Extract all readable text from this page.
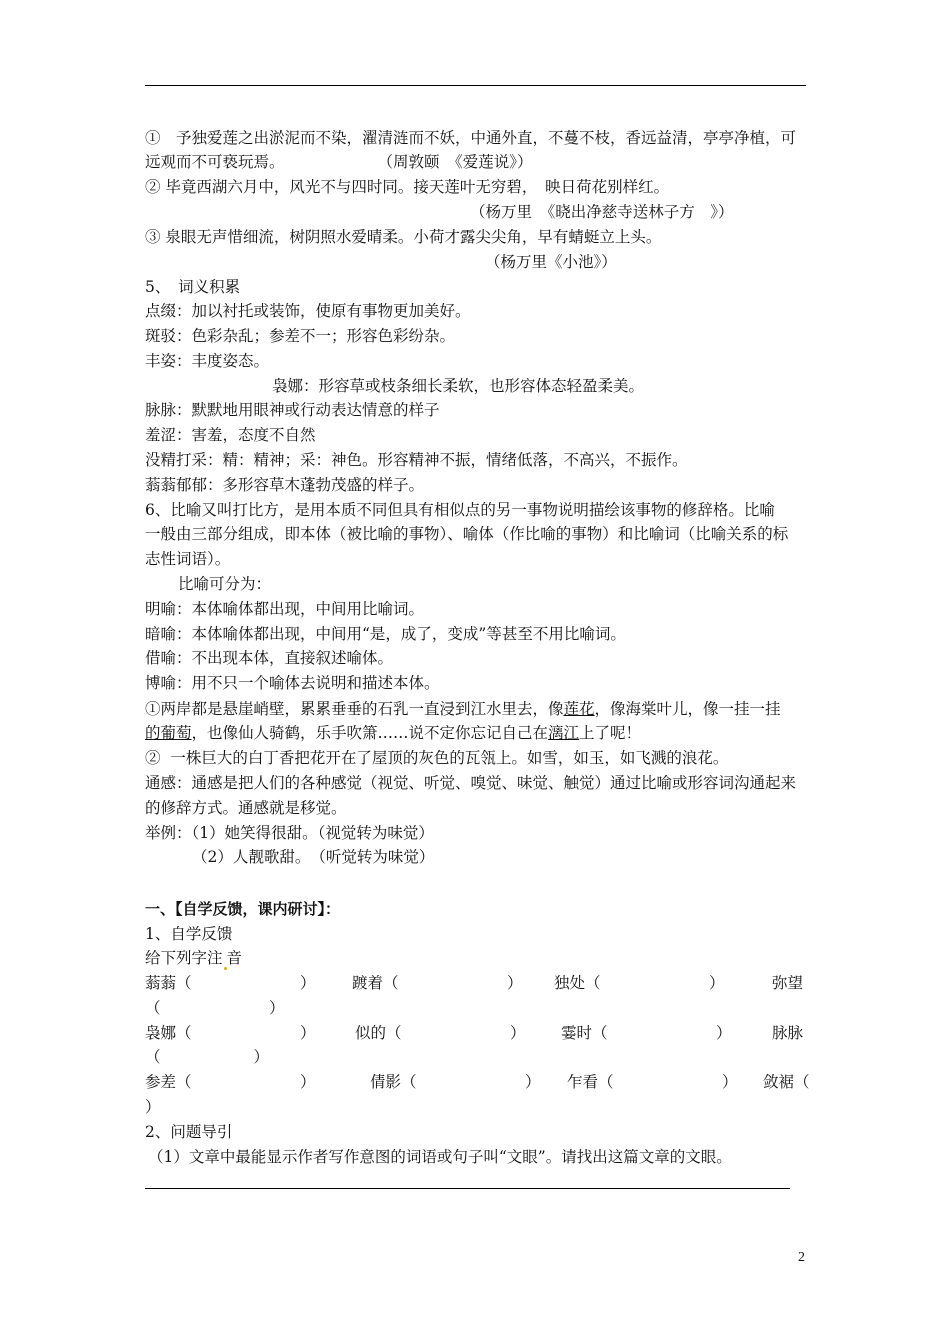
①　予独爱莲之出淤泥而不染，濯清涟而不妖，中通外直，不蔓不枝，香远益清，亭亭净植，可
远观而不可亵玩焉。　　　　　　　（周敦颐　《爱莲说》）
② 毕竟西湖六月中，风光不与四时同。接天莲叶无穷碧，　映日荷花别样红。
（杨万里　《晓出净慈寺送林子方　》）
③ 泉眼无声惜细流，树阴照水爱晴柔。小荷才露尖尖角，早有蜻蜓立上头。
（杨万里《小池》）
5、　词义积累
点缀：加以衬托或装饰，使原有事物更加美好。
斑驳：色彩杂乱；参差不一；形容色彩纷杂。
丰姿：丰度姿态。
袅娜：形容草或枝条细长柔软，也形容体态轻盈柔美。
脉脉：默默地用眼神或行动表达情意的样子
羞涩：害羞，态度不自然
没精打采：精：精神；采：神色。形容精神不振，情绪低落，不高兴，不振作。
蓊蓊郁郁：多形容草木蓬勃茂盛的样子。
6、比喻又叫打比方，是用本质不同但具有相似点的另一事物说明描绘该事物的修辞格。比喻
一般由三部分组成，即本体（被比喻的事物）、喻体（作比喻的事物）和比喻词（比喻关系的标
志性词语）。
比喻可分为：
明喻：本体喻体都出现，中间用比喻词。
暗喻：本体喻体都出现，中间用“是，成了，变成”等甚至不用比喻词。
借喻：不出现本体，直接叙述喻体。
博喻：用不只一个喻体去说明和描述本体。
①两岸都是悬崖峭壁，累累垂垂的石乳一直浸到江水里去，像莲花，像海棠叶儿，像一挂一挂
的葡萄，也像仙人骑鹤，乐手吹箫……说不定你忘记自己在漓江上了呢！
②  一株巨大的白丁香把花开在了屋顶的灰色的瓦瓴上。如雪，如玉，如飞溅的浪花。
通感：通感是把人们的各种感觉（视觉、听觉、嗅觉、味觉、触觉）通过比喻或形容词沟通起来
的修辞方式。通感就是移觉。
举例：（1）她笑得很甜。（视觉转为味觉）
（2）人靓歌甜。　（听觉转为味觉）
一、【自学反馈，课内研讨】：
1、自学反馈
给下列字注 音
蓊蓊（　　　　　　　） 踱着（　　　　　　　） 独处（　　　　　　　）	弥望
（　　　　　　　）
袅娜（　　　　　　　）	似的（　　　　　　　） 霎时（　　　　　　　）	脉脉
（　　　　　　）
参差（　　　　　　　）	倩影（　　　　　　　） 乍看（　　　　　　　） 敛裾（
）
2、问题导引
（1）文章中最能显示作者写作意图的词语或句子叫“文眼”。请找出这篇文章的文眼。
2
